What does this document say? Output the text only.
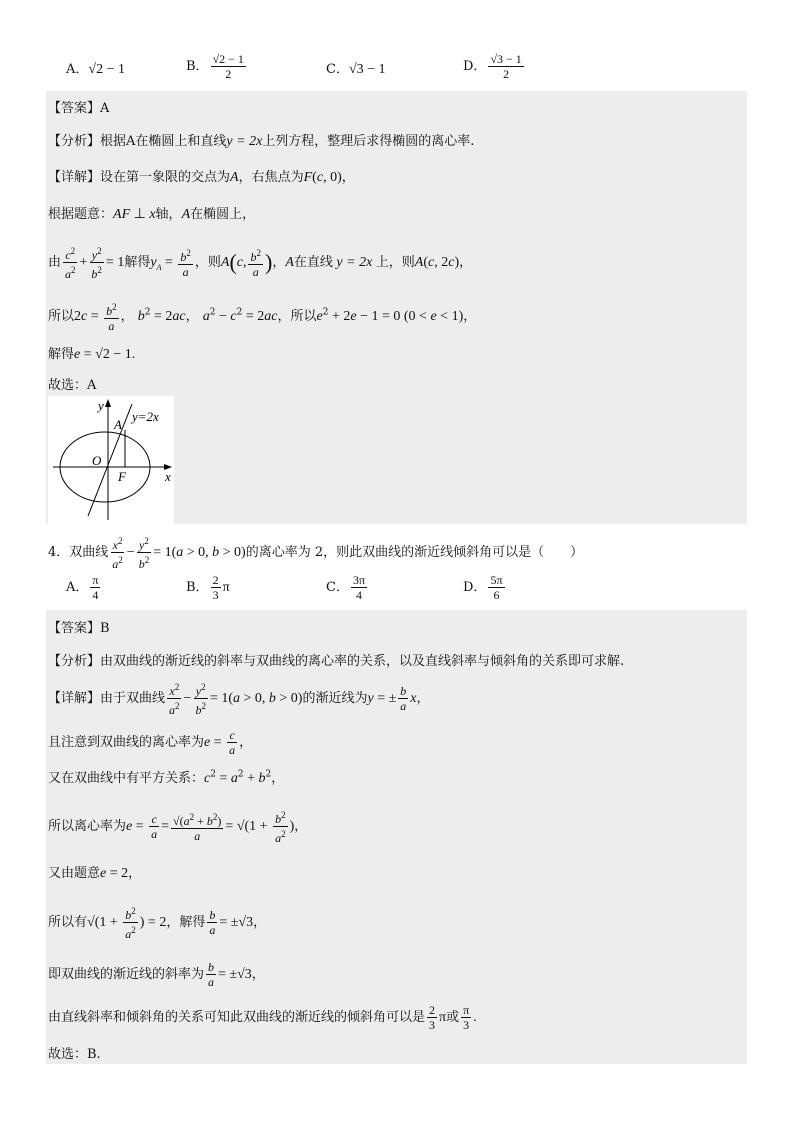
A．√2 − 1	B． $\frac{√2 - 1}{2}$	C．√3 − 1	D． $\frac{√3 - 1}{2}$
【答案】A
【分析】根据A在椭圆上和直线y = 2x上列方程，整理后求得椭圆的离心率.
【详解】设在第一象限的交点为A，右焦点为F(c, 0)，
根据题意：AF ⊥ x轴，A在椭圆上，
由 $\frac{c^2}{a^2} + \frac{y^2}{b^2} = 1$解得$y_A = \frac{b^2}{a}$ ，则A(c, $\frac{b^2}{a}$ )，A在直线 y = 2x 上，则A(c, 2c)，
所以$2c = \frac{b^2}{a}$ ， $b^2 = 2ac$， $a^2 - c^2 = 2ac$，所以$e^2 + 2e - 1 = 0$ (0 < e < 1)，
解得e = √2 − 1.
故选：A
y
x
O
A
F
y=2x
4．双曲线 $\frac{x^2}{a^2} - \frac{y^2}{b^2} = 1(a > 0$, b > 0)的离心率为 2，则此双曲线的渐近线倾斜角可以是（　　）
A． $\frac{\pi}{4}$	B． $\frac{2}{3}$ π	C． $\frac{3\pi}{4}$	D． $\frac{5\pi}{6}$
【答案】B
【分析】由双曲线的渐近线的斜率与双曲线的离心率的关系，以及直线斜率与倾斜角的关系即可求解.
【详解】由于双曲线 $\frac{x^2}{a^2} - \frac{y^2}{b^2} = 1(a > 0$, b > 0)的渐近线为y = ± $\frac{b}{a}$ x，
且注意到双曲线的离心率为$e = \frac{c}{a}$ ，
又在双曲线中有平方关系：$c^2 = a^2 + b^2$，
所以离心率为$e = \frac{c}{a} = \frac{√(a^2 + b^2)}{a} = √(1 + \frac{b^2}{a^2}$ )，
又由题意e = 2，
所以有$√(1 + \frac{b^2}{a^2}$ ) = 2，解得 $\frac{b}{a} = \pm√3$，
即双曲线的渐近线的斜率为 $\frac{b}{a} = \pm√3$，
由直线斜率和倾斜角的关系可知此双曲线的渐近线的倾斜角可以是 $\frac{2}{3}$ π或 $\frac{\pi}{3}$ .
故选：B.
